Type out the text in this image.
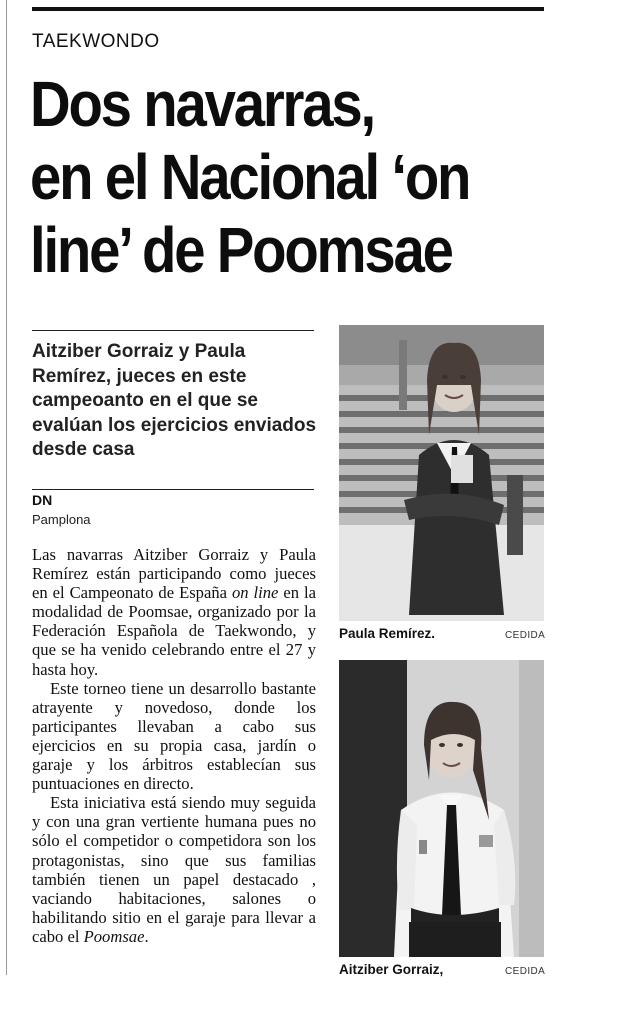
TAEKWONDO
Dos navarras,
en el Nacional ‘on
line’ de Poomsae
Aitziber Gorraiz y Paula Remírez, jueces en este campeoanto en el que se evalúan los ejercicios enviados desde casa
DN
Pamplona

Las navarras Aitziber Gorraiz y Paula Remírez están participando como jueces en el Campeonato de España on line en la modalidad de Poomsae, organizado por la Federación Española de Taekwondo, y que se ha venido celebrando entre el 27 y hasta hoy.

Este torneo tiene un desarrollo bastante atrayente y novedoso, donde los participantes llevaban a cabo sus ejercicios en su propia casa, jardín o garaje y los árbitros establecían sus puntuaciones en directo.

Esta iniciativa está siendo muy seguida y con una gran vertiente humana pues no sólo el competidor o competidora son los protagonistas, sino que sus familias también tienen un papel destacado , vaciando habitaciones, salones o habilitando sitio en el garaje para llevar a cabo el Poomsae.

Paula Remírez.	CEDIDA
Aitziber Gorraiz,	CEDIDA
